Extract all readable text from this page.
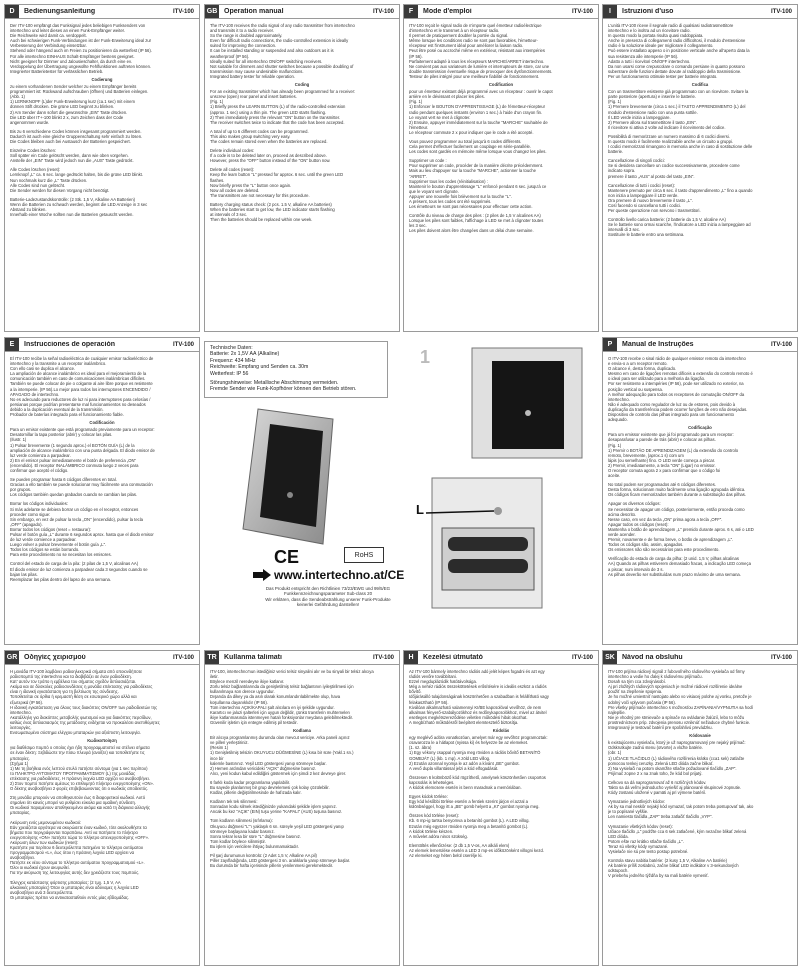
D	Bedienungsanleitung	ITV-100
Der ITV-100 empfängt das Funksignal jedes beliebigen Funksenders von
intertechno und leitet dieses an einen Funk-Empfänger weiter.
Die Reichweite wird damit ca. verdoppelt.
Auch bei schwierigen Funk-Verbindungen ist der Funk-Erweiterung ideal zur
Verbesserung der Verbindung einsetzbar.
Stehend oder hängend auch im Freien zu positionieren da wetterfest (IP 56).
Für alle intertechno EINHAUS Schalt-Empfänger bestens geeignet.
Nicht geeignet für Dimmer und Jalousieschalter, da durch eine ev.
Verdoppelung der Übertragung ungewollte Fehlfunktionen auftreten können.
Integrierter Batterietester für verlässlichen Betrieb.
Codierung
zu einem vorhandenen Sender welcher zu einem Empfänger bereits
programmiert ist: Rückwand aufschrauben (öffnen) und Batterien einlegen.
(Abb. 1)
1) LERNKNOPF (L)der Funk-Erweiterung kurz (ca.1 sec) mit einem
dünnen Stift drücken. Die grüne LED beginnt zu blinken.
2) Am Sender dann sofort die gewünschte „EIN" Taste drücken.
Die LED über IT+-100 blinkt 2 x, zum Zeichen dass der Code
angenommen wurde.
Bis zu 6 verschiedene Codes können insgesamt programmiert werden.
Dadurch ist auch eine gleiche Gruppenschaltung sehr einfach zu lösen.
Die Codes bleiben auch bei Austausch der Batterien gespeichert.
Einzelne Codes löschen:
Soll später ein Code gelöscht werden, dann wie oben vorgehen.
Anstelle der „EIN" Taste wird jedoch nun die „AUS" Taste gedrückt.
Alle Codes löschen (reset):
Lernknopf „L" ca. 6 sec. lange gedrückt halten, bis die grüne LED blinkt.
Nun nochmals kurz die „L" Taste drücken.
Alle Codes sind nun gelöscht.
Die Sender werden für diesen Vorgang nicht benötigt.
Batterie-Ladezustandskontrolle: (2 Stk. 1,5 V, Alkaline AA Batterien)
Wenn die Batterien zu schwach werden, beginnt die LED Anzeige in 3 sec
Abstand zu blinken.
Innerhalb einer Woche sollten nun die Batterien getauscht werden.
GB Operation manual	ITV-100
The ITV-100 receives the radio signal of any radio transmitter from intertechno
and transmits it to a radio receiver.
So the range is doubled approximately.
Even for difficult radio connections, the radio-controlled extension is ideally
suited for improving the connection.
It can be installed standing or suspended and also outdoors as it is
weatherproof (IP 56).
Ideally suited for all intertechno ON/OFF switching receivers.
Not suitable for dimmers and shutter switches because a possible doubling of
transmission may cause undesirable malfunctions.
Integrated battery tester for reliable operation.
Coding
For an existing transmitter which has already been programmed for a receiver:
unscrew (open) rear panel and insert batteries.
(Fig. 1)
1) Briefly press the LEARN BUTTON (L) of the radio-controlled extension
(approx. 1 sec) using a thin pin. The green LED starts flashing.
2) Then immediately press the relevant "ON" button on the transmitter.
The receiver switches twice to indicate that the code has been accepted.
A total of up to 6 different codes can be programmed.
This also makes group switching very easy.
The codes remain stored even when the batteries are replaced.
Delete individual codes:
If a code is to be deleted later on, proceed as described above.
However, press the "OFF" button instead of the "ON" button now.
Delete all codes (reset):
Keep the learn button "L" pressed for approx. 6 sec. until the green LED
flashes.
Now briefly press the "L" button once again.
Now all codes are deleted.
The transmitters are not necessary for this procedure.
Battery charging status check: (2 pcs. 1.5 V, alkaline AA batteries)
When the batteries start to get low, the LED indicator starts flashing
at intervals of 3 sec.
Then the batteries should be replaced within one week.
F	Mode d'emploi	ITV-100
ITV-100 reçoit le signal radio de n'importe quel émetteur radioélectrique
d'intertechno et le transmet à un récepteur radio.
Il permet de pratiquement doubler la portée du signal.
Même lorsque les conditions radio ne sont pas favorables, l'émetteur-
récepteur est l'instrument idéal pour améliorer la liaison radio.
Peut être posé ou accroché même en extérieur, résistant aux intempéries
(IP 56).
Parfaitement adapté à tous les récepteurs MARCHE/ARRET intertechno.
Ne convient pas aux variateurs de lumière et interrupteurs de store, car une
double transmission éventuelle risque de provoquer des dysfonctionnements.
Testeur de piles intégré pour une meilleure fiabilité de fonctionnement.
Codification
pour un émetteur existant déjà programmé avec un récepteur : ouvrir le capot
arrière en le dévissant et placer les piles.
(Fig. 1)
1) Enfoncer le BOUTON D'APPRENTISSAGE (L) de l'émetteur-récepteur
radio pendant quelques instants (environ 1 sec.) à l'aide d'un crayon fin.
Le voyant vert se met à clignoter.
2) Ensuite, appuyer immédiatement sur la touche "MARCHE" souhaitée de
l'émetteur.
Le récepteur commute 2 x pour indiquer que le code a été accepté.
Vous pouvez programmer au total jusqu'à 6 codes différents.
Cela permet d'effectuer facilement un couplage en série-parallèle.
Les codes sont gardés en mémoire même lorsque vous changez les piles.
Supprimer un code :
Pour supprimer un code, procéder de la manière décrite précédemment.
Mais au lieu d'appuyer sur la touche "MARCHE", actionner la touche
"ARRET".
Supprimer tous les codes (réinitialisation) :
Maintenir le bouton d'apprentissage "L" enfoncé pendant 6 sec. jusqu'à ce
que le voyant vert clignote.
Appuyer une nouvelle fois brièvement sur la touche "L".
A présent, tous les codes ont été supprimés.
Les émetteurs ne sont pas nécessaires pour effectuer cette action.
Contrôle du niveau de charge des piles : (2 piles de 1,5 V alcalines AA)
Lorsque les piles sont faibles, l'affichage à LED se met à clignoter toutes
les 3 sec.
Les piles doivent alors être changées dans un délai d'une semaine.
I	Istruzioni d'uso	ITV-100
L'unità ITV-100 riceve il segnale radio di qualsiasi radiotrasmettitore
intertechno e lo inoltra ad un ricevitore radio.
In questo modo la portata risulta quasi raddoppiata.
Anche in presenza di collegamenti radio difficoltosi, il modulo d'estensione
radio è la soluzione ideale per migliorare il collegamento.
Può essere installato appeso o in posizione verticale anche all'aperto data la
sua resistenza alle intemperie (IP 56).
Adatto a tutti i ricevitori ON/OFF intertechno.
Da non usarsi come crepuscolare o comando persiane in quanto possono
subentrare delle funzioni dettate dovute al raddoppio della trasmissione.
Per un funzionamento ottimale tester per batterie integrato.
Codifica
Con un trasmettitore esistente già programmato con un ricevitore. Svitare la
parte posteriore (apertura) e inserire le batterie.
(Fig. 1)
1) Premere brevemente (circa 1 sec.) il TASTO APPRENDIMENTO (L) del
modulo d'estensione radio con una punta sottile.
Il LED verde inizia a lampeggiare.
2) Premere allora sul trasmettitore il tasto „EIN".
Il ricevitore si attiva 2 volte ad indicare il ricevimento del codice.
Possibilità di memorizzare un numero massimo di 6 codici diversi.
In questo modo è facilmente realizzabile anche un circuito a gruppi.
I codici memorizzati rimangono in memoria anche in caso di sostituzione delle
batterie.
Cancellazione di singoli codici:
Se si desidera cancellare un codice successivamente, procedere come
indicato sopra.
premere il tasto „AUS" al posto del tasto „EIN".
Cancellazione di tutti i codici (reset):
Mantenere premuto per circa 6 sec. il tasto d'apprendimento „L" fino a quando
non inizia a lampeggiare il LED verde.
Ora premere di nuovo brevemente il tasto „L".
Così facendo si cancellano tutti i codici.
Per queste operazione non servono i trasmettitori.
Controllo livello carica batterie: (2 batterie da 1,5 V, alcaline AA)
Se le batterie sono ormai scariche, l'indicatore a LED inizia a lampeggiare ad
intervalli di 3 sec.
Sostituire le batterie entro una settimana.
E	Instrucciones de operación	ITV-100
El ITV-100 recibe la señal radioeléctrica de cualquier emisor radioeléctrico de
intertechno y la transmite a un receptor inalámbrico.
Con ello casi se duplica el alcance.
La ampliación de alcance inalámbrico es ideal para el mejoramiento de la
comunicación también en caso de comunicaciones inalámbricas difíciles.
También se puede colocar de pie o colgante al aire libre porque es resistente
a la intemperie. (IP 56).Lo mejor para todos los interruptores ENCENDIDO /
APAGADO de intertechno.
No es adecuado para reductores de luz ni para interruptores para celosías /
persianas porque podrían presentarse mal funcionamientos no deseados
debido a la duplicación eventual de la transmisión.
Probador de baterías integrado para el funcionamiento fiable.
Codificación
Para un emisor existente que está programado previamente para un receptor:
Desatornillar la tapa posterior (abrir) y colocar las pilas.
(Ilustr. 1)
1) Pulsar brevemente (1 segundo aprox.) el BOTÓN GUÍA (L) de la
ampliación de alcance inalámbrico con una punta delgada. El diodo emisor de
luz verde comienza a parpadear.
2) En el emisor pulsar inmediatamente el botón de preferencia „ON"
(encendido). El receptor INALÁMBRICO conmuta luego 2 veces para
confirmar que aceptó el código.
Se pueden programar hasta 6 códigos diferentes en total.
Gracias a ello también se puede solucionar muy fácilmente una conmutación
por grupos.
Los códigos también quedan grabados cuando se cambian las pilas.
Borrar los códigos individuales:
Si más adelante se debiera borrar un código en el receptor, entonces
proceder como sigue:
Sin embargo, en vez de pulsar la tecla „ON" (encendido), pulsar la tecla
„OFF" (apagado).
Borrar todos los códigos (reset = restaurar):
Pulsar el botón guía „L" durante 6 segundos aprox. hasta que el diodo emisor
de luz verde comience a parpadear.
Luego volver a pulsar brevemente el botón guía „L".
Todos los códigos se están borrando.
Para este procedimiento no se necesitan los emisores.
Control del estado de carga de la pila: (2 pilas de 1,5 V, alcalinas AA)
El diodo emisor de luz comienza a parpadear cada 3 segundos cuando se
bajan las pilas.
Reemplazar las pilas dentro del lapso de una semana.
Technische Daten:
Batterie: 2x 1,5V AA (Alkaline)
Frequenz: 434 MHz
Reichweite: Empfang und Senden ca. 30m
Wetterfest: IP 56
Störungshinweise: Metallische Abschirmung vermeiden.
Fremde Sender wie Funk-Kopfhörer können den Betrieb stören.
1
L
CE	RoHS
www.intertechno.at/CE
Das Produkt entspricht den Richtlinien 73/23/EWG und 99/5/EG
Funkkennzeichnungsparameter Sub-class 20
Wir erklären, dass die Sendeabstrahlung unserer Funk-Produkte
keinerlei Gefährdung darstellen!
P	Manual de Instruções	ITV-100
O ITV-100 recebe o sinal rádio de qualquer emissor remoto da intertechno
e envia-o a um receptor remoto.
O alcance é, desta forma, duplicado.
Mesmo em caso de ligações remotas difíceis a extensão do controlo remoto é
o ideal para ser utilizado para a melhoria da ligação.
Por ser resistente a intempéries (IP 56), pode ser utilizado no exterior, na
posição vertical ou suspensa.
A melhor adequação para todos os receptores de comutação ON/OFF da
intertechno.
Não é adequado como regulador de luz ou de estores, pois devido à
duplicação da transferência podem ocorrer funções de erro não desejadas.
Dispositivo de controlo das pilhas integrado para um funcionamento
adequado.
Codificação
Para um emissor existente que já foi programado para um receptor:
desaparafusar a parede de trás (abrir) e colocar as pilhas.
(Fig. 1)
1) Premir o BOTÃO DE APRENDIZAGEM (L) da extensão do controlo
remoto, brevemente, (aprox.1 s) com um
lápis (ou semelhante) fino. O LED verde começa a piscar.
2) Premir, imediatamente, a tecla "ON" (Ligar) no emissor.
O receptor comuta agora 2 x para confirmar que o código foi
aceite.
No total podem ser programados até 6 códigos diferentes.
Desta forma, solucionam muito facilmente uma ligação agrupada idêntica.
Os códigos ficam memorizados também durante a substituição das pilhas.
Apagar os diversos códigos:
Se necessitar de apagar um código, posteriormente, então proceda como
acima descrito.
Nesse caso, em vez da tecla „ON" prima agora a tecla „OFF".
Apagar todos os códigos (reset):
Mantenha o botão de aprendizagem „L" premido durante aprox. 6 s, até o LED
verde acender.
Premir, novamente e de forma breve, o botão de aprendizagem „L".
Todos os códigos são, assim, apagados.
Os emissores não são necessários para este procedimento.
Verificação do estado de carga da pilha: (2 unid. 1,5 V, pilhas alcalinas
AA) Quando as pilhas estiverem demasiado fracas, a indicação LED começa
a piscar, num intervalo de 3 s.
As pilhas deverão ser substituídas num prazo máximo de uma semana.
GR Οδηγίες χειρισμού	ITV-100
Η μονάδα ITV-100 λαμβάνει ραδιοηλεκτρικά σήματα από οποιονδήποτε
ραδιοπομπό της intertechno και τα διαβιβάζει σε έναν ραδιοδέκτη.
Κατ' αυτόν τον τρόπο η εμβέλεια του σήματος σχεδόν διπλασιάζεται.
Ακόμα και σε δύσκολες ραδιοσυνδέσεις η μονάδα επέκτασης για ραδιοδέκτες
είναι η ιδανική εγκατάσταση για τη βελτίωση της σύνδεσης.
Τοποθετείται σε όρθια ή κρεμαστή θέση σε εσωτερικό χώρο αλλά και
εξωτερικά (IP 56).
Η ιδανική εγκατάσταση για όλους τους διακόπτες ON/OFF των ραδιοδεκτών της
intertechno.
Ακατάλληλη για διακόπτες μεταβολής φωτισμού και για διακόπτες περσίδων,
καθώς ένας διπλασιασμός της μετάδοσης ενδέχεται να προκαλέσει ανεπιθύμητες
λειτουργίες.
Ενσωματωμένο σύστημα ελέγχου μπαταριών για αξιόπιστη λειτουργία.
Κωδικοποίηση
για διαθέσιμο πομπό ο οποίος έχει ήδη προγραμματιστεί να στέλνει σήματα
σε έναν δέκτη: Ξεβιδώστε την πίσω πλευρά (ανοίξτε) και τοποθετήστε τις
μπαταρίες.
(Σχήμα 1)
1) Με τη βοήθεια ενός λεπτού στυλό πατήστε σύντομα (για 1 sec περίπου)
το ΠΛΗΚΤΡΟ ΑΥΤΟΜΑΤΟΥ ΠΡΟΓΡΑΜΜΑΤΙΣΜΟΥ (L) της μονάδας
επέκτασης για ραδιοδέκτες. Η πράσινη λυχνία LED αρχίζει να αναβοσβήνει.
2) Στον πομπό πατήστε αμέσως το επιθυμητό πλήκτρο ενεργοποίησης «ON».
Ο δέκτης αναβοσβήνει 2 φορές επιβεβαιώνοντας ότι ο κωδικός αποδεκτός.
Στη μονάδα μπορούν να αποθηκευτούν έως 6 διαφορετικοί κωδικοί. Αυτό
σημαίνει ότι κανείς μπορεί να ρυθμίσει εύκολα μια ομαδική σύνδεση.
Οι κωδικοί παραμένουν αποθηκευμένοι ακόμα και κατά τη διάρκεια αλλαγής
μπαταρίας.
Ακύρωση ενός μεμονωμένου κωδικού:
Εάν χρειάζεται αργότερα να ακυρώσετε έναν κωδικό, τότε ακολουθήστε τα
βήματα που περιγράφονται παραπάνω. Αντί να πατήσετε το πλήκτρο
ενεργοποίησης «ON» πατήστε τώρα το πλήκτρο απενεργοποίησης «OFF».
Ακύρωση όλων των κωδικών (reset):
Κρατήστε για περίπου 6 δευτερόλεπτα πατημένο το πλήκτρο αυτόματου
προγραμματισμού «L», έως ότου η πράσινη λυχνία LED αρχίσει να
αναβοσβήνει.
Πατήστε εκ νέου σύντομα το πλήκτρο αυτόματου προγραμματισμού «L».
Όλοι οι κωδικοί έχουν ακυρωθεί.
Για την ακύρωση της λειτουργίας αυτής δεν χρειάζεστε τους πομπούς.
Έλεγχος κατάστασης φόρτισης μπαταρίας: (2 τμχ. 1,5 V, ΑΑ
αλκαλικές μπαταρίες) Όταν οι μπαταρίες είναι αδύναμες η λυχνία LED
αναβοσβήνει ανά 3 δευτερόλεπτα.
Οι μπαταρίες πρέπει να αντικατασταθούν εντός μίας εβδομάδας.
TR	Kullanma talimatı	ITV-100
ITV-100, intertechno'nun istediğiniz verici telsiz sinyalini alır ve bu sinyali bir telsiz alıcıya
iletir.
Böylece menzil neredeyse ikiye katlanır.
Zorlu telsiz bağlantılarında da genişletilmiş telsiz bağlantının iyileştirilmesi için
kullanılmaya son derece uygundur.
Dışarıda da dikey ya da asılı olarak konumlandırılabilmekte olup, hava
koşullarına dayanıklıdır (IP 56).
Tüm intertechno AÇIK/KAPALI şalt alıcılara en iyi şekilde uygundur.
Karartıcı ve jaluzi şalterleri için uygun değildir, çünkü transferin muhtemelen
ikiye katlanmasında istenmeyen hatalı fonksiyonlar meydana gelebilmektedir.
Güvenilir işletim için entegre edilmiş pil testedir.
Kodlama
Bir alıcıya programlanmış durumda olan mevcut vericiye. Arka paneli açınız
ve pilleri yerleştiriniz.
(Resim 1)
1) Genişletilmiş telsizin OKUYUCU DÜĞMESİNE (L) kısa bir süre (Yakl.1 sn.)
ince bir
kalemle bastırınız. Yeşil LED göstergesi yanıp sönmeye başlar.
2) Hemen ardından vericideki "AÇIK" düğmesine basınız.
Alıcı, yeni kodun kabul edildiğini göstermek için şimdi 2 kez devreye girer.
6 farklı koda kadar programlama yapılabilir.
Bu sayede planlanmış bir grup devrelemesi çok kolay çözülebilir.
Kodlar, pillerin değiştirilmesinde de hafızada kalır.
Kodların tek tek silinmesi:
Sonradan kodu silmek istediğinizde yukarıdaki şekilde işlem yapınız.
Ancak bu kez "AÇIK" (EIN) tuşu yerine "KAPALI" (AUS) tuşuna basınız.
Tüm kodların silinmesi (sıfırlama):
Okuyucu düğmesi "L"'ı yaklaşık 6 sn. süreyle yeşil LED göstergesi yanıp
sönmeye başlayana kadar basınız.
Sonra tekrar kısa bir süre "L" düğmesine basınız.
Tüm kodlar böylece silinmiştir.
Bu işlem için vericilere ihtiyaç bulunmamaktadır.
Pil şarj durumunun kontrolü: (2 Adet 1,5 V, Alkaline AA pil)
Piller zayıfladığında, LED göstergesi 3 sn. aralıklarla yanıp sönmeye başlar.
Bu durumda bir hafta içerisinde pillerin yenilenmesi gerekmektedir.
H	Kezelési útmutató	ITV-100
Az ITV-100 bármely intertechno rádiós adó jelét képes fogadni és azt egy
rádiós vevőre továbbítani.
Ezzel megduplázódik hatótávolsága.
Még a nehéz rádiós összeköttetések erősítésére is ideális eszköz a rádiós
bővítő.
Időjárásálló tulajdonságának köszönhetően a szabadban is felállítható vagy
felakasztható (IP 56).
Kiválóan alkalmazható valamennyi KI/BE kapcsolóval vevőhöz, de nem
alkalmas fényerő-szabályozókhoz és redőnykapcsolókhoz, mivel az átvitel
esetleges megkétszereződése véletlen működési hibát okozhat.
A megbízható működésről beépített elemtesztelő biztosítja.
Kódolás
egy meglévő adóra vonatkozóan, amelyet már egy vevőhöz programoztak:
csavarozza le a hátlapot (nyissa ki) és helyezze be az elemeket.
(1. sz. ábra)
1) Egy vékony csappal nyomja meg röviden a rádiós bővítő BETANÍTÓ
GOMBJÁT (L) (kb. 1 mp). A zöld LED villog.
2) Ezután azonnal nyomja le az adón a kívánt „BE" gombot.
A vevő dupla villantással jelzi a kód elfogadását.
Összesen 6 különböző kód rögzíthető, amelynek köszönhetően csoportos
kapcsolás is lehetséges.
A kódok elemcsere esetén is benn maradnak a memóriában.
Egyes kódok törlése:
Egy kód későbbi törlése esetén a fentiek szerint járjon el azzal a
különbséggel, hogy itt a „BE" gomb helyett a „KI" gombot nyomja meg.
Összes kód törlése (reset):
Kb. 6 mp-ig tartsa benyomva a betanító gombot (L). A LED villog.
Ezután még egyszer röviden nyomja meg a betanító gombot (L).
A kódok törlése készen.
A művelet adóra nincs szükség.
Elemtöltés ellenőrzése: (2 db 1,5 V-os, AA alkáli elem)
Az elemek lemerülése esetén a LED 3 mp-es időközönként villogni kezd.
Az elemeket egy héten belül cserélje ki.
SK	Návod na obsluhu	ITV-100
ITV-100 prijíma rádiový signál z ľubovoľného rádiového vysielača od firmy
intertechno a vedie ho ďalej k rádiovému prijímaču.
Dosah sa tým cca zdvojnásobí.
Aj pri zložitých rádiových spojeniach je možné rádiové rozšírenie ideálne
použiť na zlepšenie spojenia.
Je ho možné umiestniť nastojato alebo vo visiacej polohe aj vonku, pretože je
odolný voči vplyvom počasia (IP 56).
Pre všetky prijímače intertechno s možnosťou ZAPÍNANIA/VYPNUTIA sa hodí
najlepšie.
Nie je vhodný pre stmievače a spínače na ovládanie žalúzií, lebo to môžu
prostredníctvom príp. zdvojenia prenosu vzniknúť nežiaduce chybné funkcie.
Integrovaný je testovač batérií pre spoľahlivú prevádzku.
Kódovanie
k existujúcemu vysielaču, ktorý je už naprogramovaný pre nejaký prijímač:
Odskrutkujte zadnú stenu (otvorte) a vložte batérie.
(obr. 1)
1) UČIACE TLAČIDLO (L) rádiového rozšírenia krátko (cca1 sek) zatlačte
pomocou tenkej ceruzky. Zelená LED dióda začne blikať.
2) Na vysielači na potom okamžite stlačte požadované tlačidlo „ZAP".
Prijímač zopne 2 x na znak toho, že kód bol prijatý.
Celkovo sa dá naprogramovať až 6 rozličných kódov.
Takto sa dá veľmi jednoducho vyriešiť aj plánované skupinové zopnutie.
Kódy zostanú uložené v pamäti aj pri výmene batérií.
Vymazanie jednotlivých kódov:
Ak by sa mal neskôr nejaký kód vymazať, tak potom treba postupovať tak, ako
je to popísané vyššie.
Len namiesto tlačidla „ZAP" treba zatlačiť tlačidlo „VYP".
Vymazanie všetkých kódov (reset):
Učiace tlačidlo „L" podržte cca 6 sek zatlačené, kým nezačne blikať zelená
LED dióda.
Potom ešte raz krátko stlačte tlačidlo „L".
Teraz sú všetky kódy vymazané.
Vysielače nie sú pre tento postup potrebné.
Kontrola stavu nabitia batérie: (2 kusy 1,5 V, Alkaline AA batérie)
Ak batérie príliš zoslabnú, začne blikať LED indikátor v 3-sekundových
odstupoch.
V priebehu jedného týždňa by sa mali batérie vymeniť.
